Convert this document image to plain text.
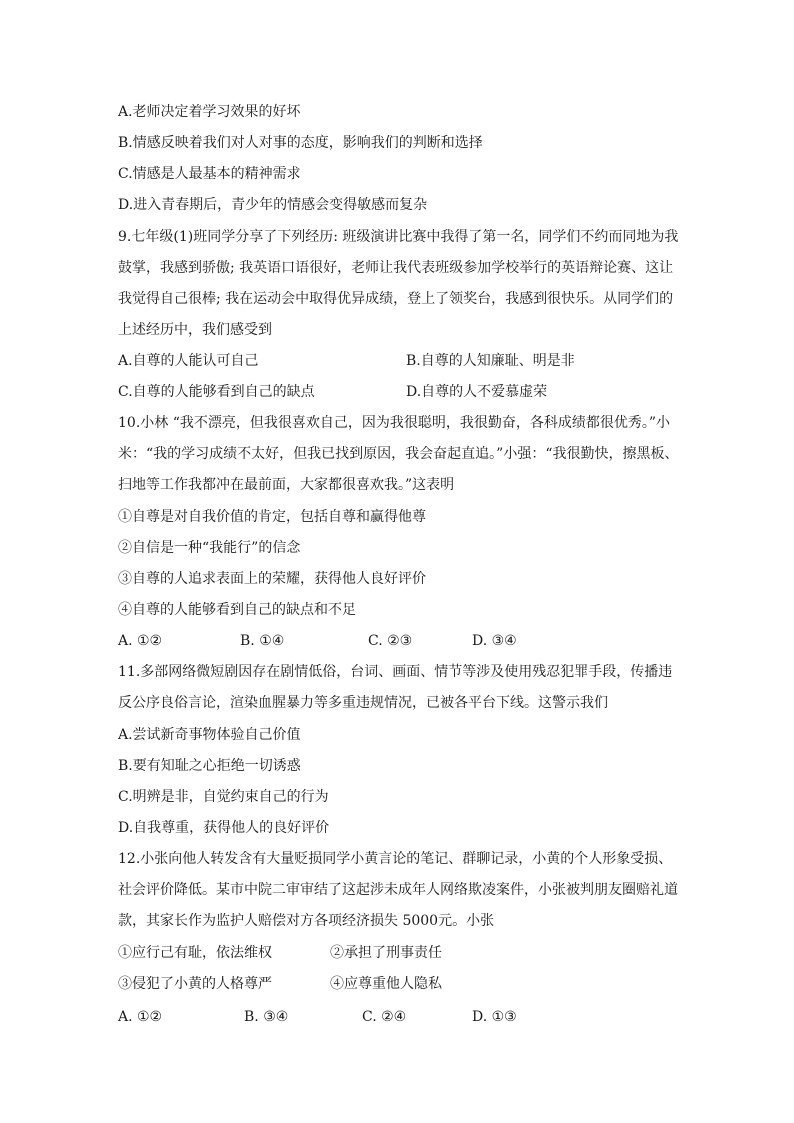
A.老师决定着学习效果的好坏
B.情感反映着我们对人对事的态度，影响我们的判断和选择
C.情感是人最基本的精神需求
D.进入青春期后，青少年的情感会变得敏感而复杂
9.七年级(1)班同学分享了下列经历: 班级演讲比赛中我得了第一名，同学们不约而同地为我
鼓掌，我感到骄傲; 我英语口语很好，老师让我代表班级参加学校举行的英语辩论赛、这让
我觉得自己很棒; 我在运动会中取得优异成绩，登上了领奖台，我感到很快乐。从同学们的
上述经历中，我们感受到
A.自尊的人能认可自己	B.自尊的人知廉耻、明是非
C.自尊的人能够看到自己的缺点	D.自尊的人不爱慕虚荣
10.小林 “我不漂亮，但我很喜欢自己，因为我很聪明，我很勤奋，各科成绩都很优秀。”小
米：“我的学习成绩不太好，但我已找到原因，我会奋起直追。”小强：“我很勤快，擦黑板、
扫地等工作我都冲在最前面，大家都很喜欢我。”这表明
①自尊是对自我价值的肯定，包括自尊和赢得他尊
②自信是一种“我能行”的信念
③自尊的人追求表面上的荣耀，获得他人良好评价
④自尊的人能够看到自己的缺点和不足
A. ①②	B. ①④	C. ②③	D. ③④
11.多部网络微短剧因存在剧情低俗，台词、画面、情节等涉及使用残忍犯罪手段，传播违
反公序良俗言论，渲染血腥暴力等多重违规情况，已被各平台下线。这警示我们
A.尝试新奇事物体验自己价值
B.要有知耻之心拒绝一切诱惑
C.明辨是非，自觉约束自己的行为
D.自我尊重，获得他人的良好评价
12.小张向他人转发含有大量贬损同学小黄言论的笔记、群聊记录，小黄的个人形象受损、
社会评价降低。某市中院二审审结了这起涉未成年人网络欺凌案件，小张被判朋友圈赔礼道
款，其家长作为监护人赔偿对方各项经济损失 5000元。小张
①应行己有耻，依法维权	②承担了刑事责任
③侵犯了小黄的人格尊严	④应尊重他人隐私
A. ①②	B. ③④	C. ②④	D. ①③
